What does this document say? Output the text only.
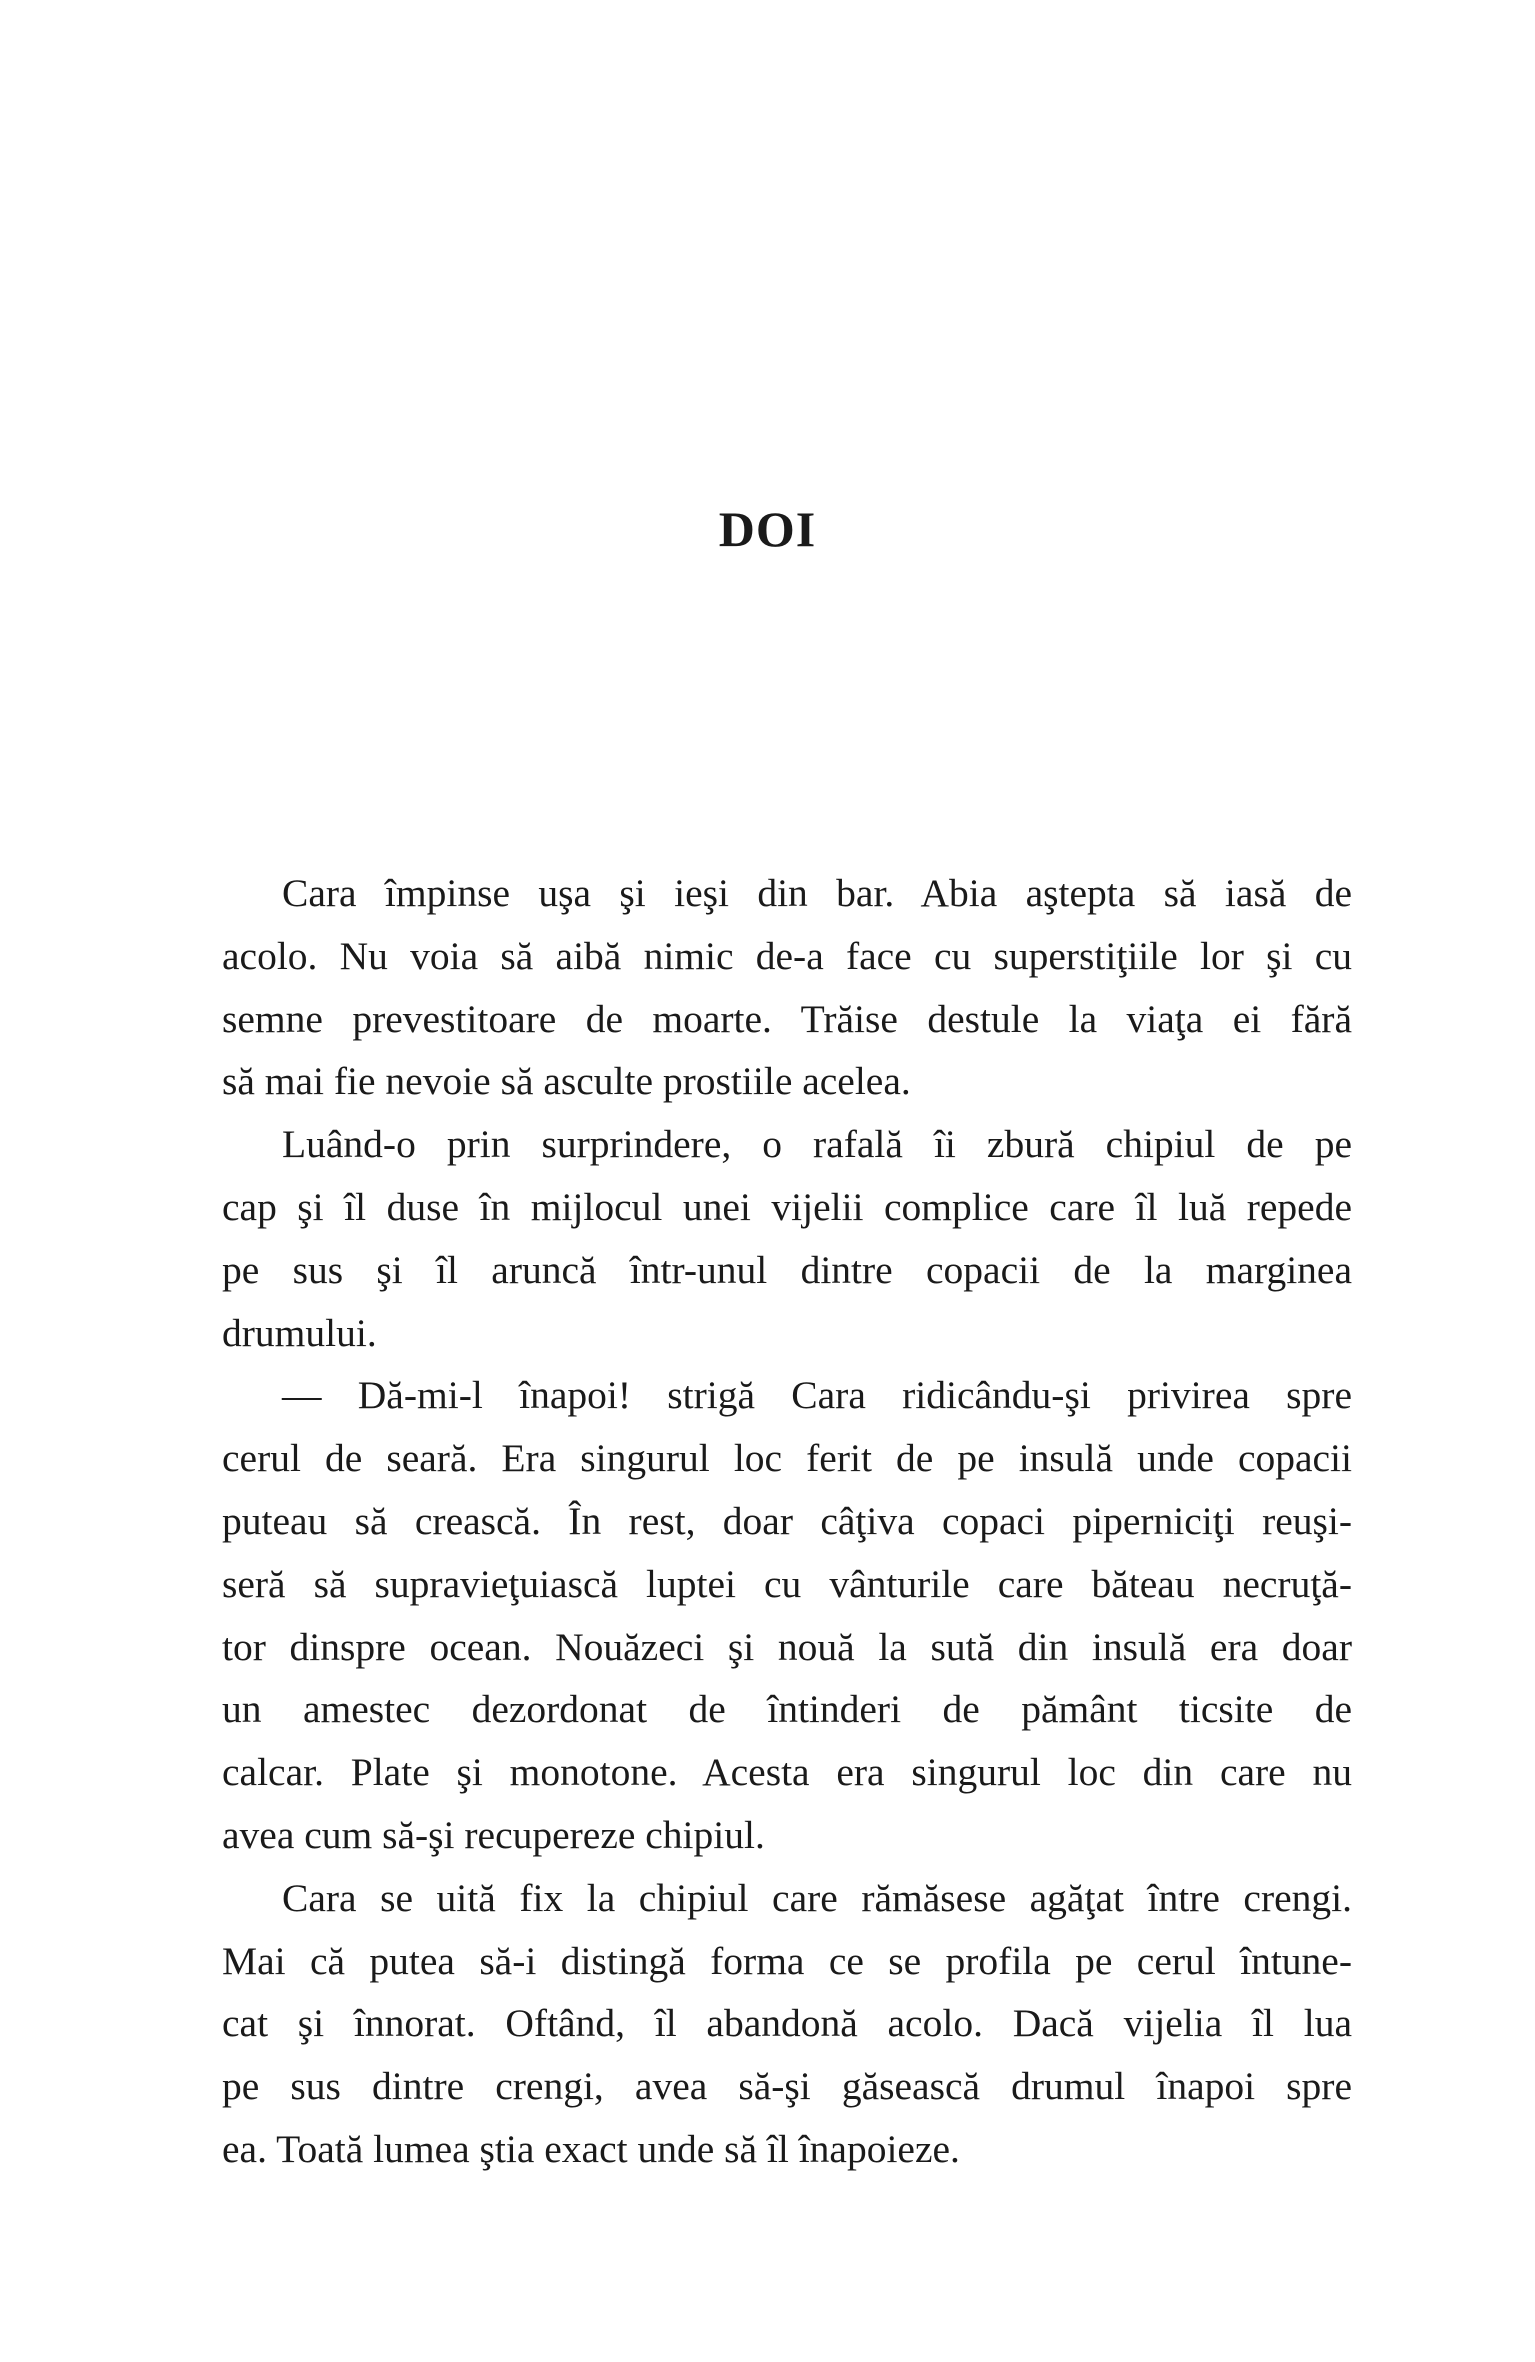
DOI
Cara împinse uşa şi ieşi din bar. Abia aştepta să iasă de
acolo. Nu voia să aibă nimic de-a face cu superstiţiile lor şi cu
semne prevestitoare de moarte. Trăise destule la viaţa ei fără
să mai fie nevoie să asculte prostiile acelea.
Luând-o prin surprindere, o rafală îi zbură chipiul de pe
cap şi îl duse în mijlocul unei vijelii complice care îl luă repede
pe sus şi îl aruncă într-unul dintre copacii de la marginea
drumului.
— Dă-mi-l înapoi! strigă Cara ridicându-şi privirea spre
cerul de seară. Era singurul loc ferit de pe insulă unde copacii
puteau să crească. În rest, doar câţiva copaci piperniciţi reuşi-
seră să supravieţuiască luptei cu vânturile care băteau necruţă-
tor dinspre ocean. Nouăzeci şi nouă la sută din insulă era doar
un amestec dezordonat de întinderi de pământ ticsite de
calcar. Plate şi monotone. Acesta era singurul loc din care nu
avea cum să-şi recupereze chipiul.
Cara se uită fix la chipiul care rămăsese agăţat între crengi.
Mai că putea să-i distingă forma ce se profila pe cerul întune-
cat şi înnorat. Oftând, îl abandonă acolo. Dacă vijelia îl lua
pe sus dintre crengi, avea să-şi găsească drumul înapoi spre
ea. Toată lumea ştia exact unde să îl înapoieze.
